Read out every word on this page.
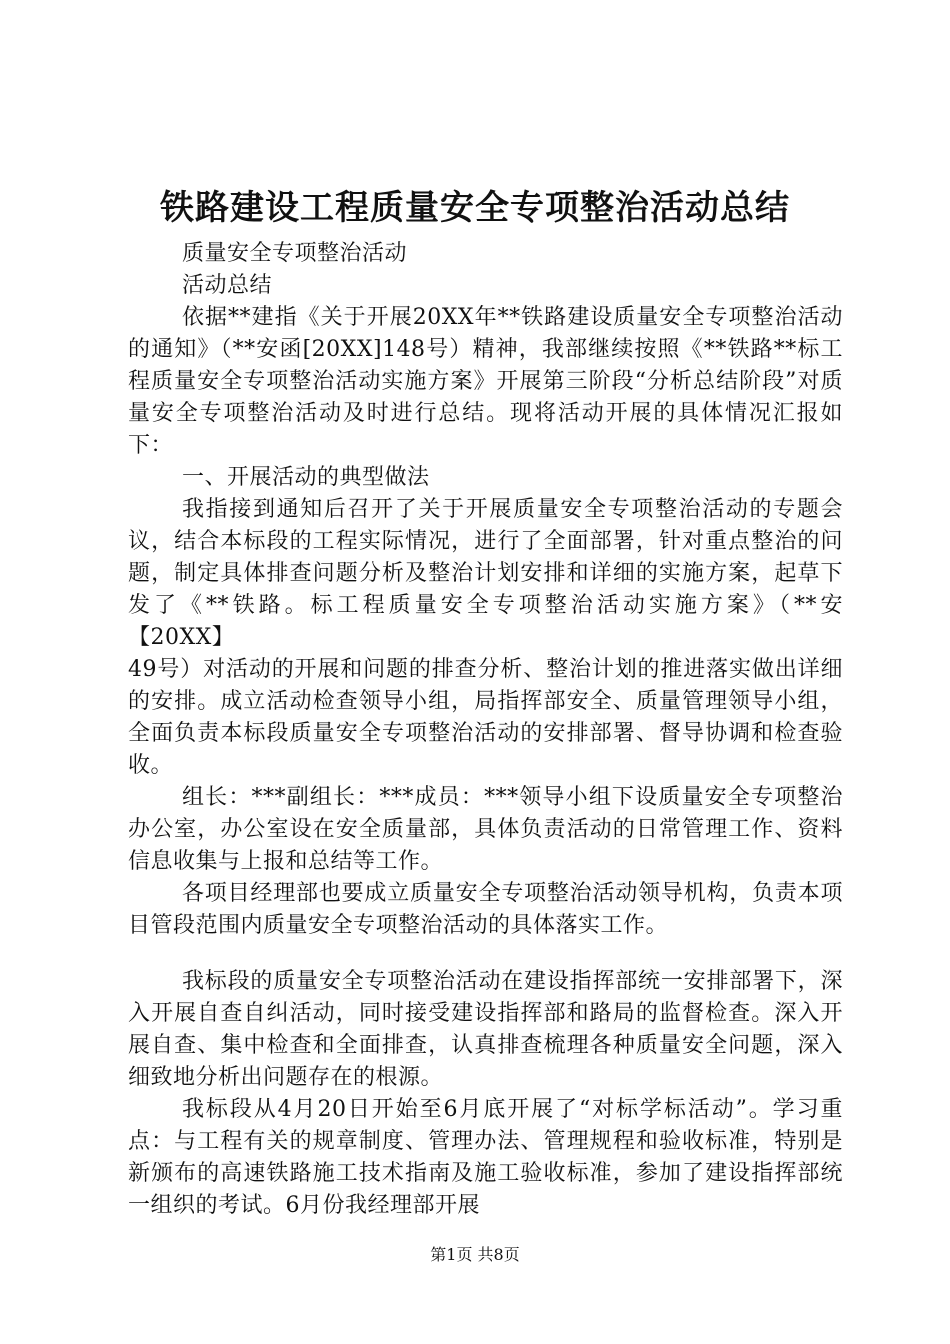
铁路建设工程质量安全专项整治活动总结

质量安全专项整治活动

活动总结

依据**建指《关于开展20XX年**铁路建设质量安全专项整治活动的通知》（**安函[20XX]148号）精神，我部继续按照《**铁路**标工程质量安全专项整治活动实施方案》开展第三阶段“分析总结阶段”对质量安全专项整治活动及时进行总结。现将活动开展的具体情况汇报如下：

一、开展活动的典型做法

我指接到通知后召开了关于开展质量安全专项整治活动的专题会议，结合本标段的工程实际情况，进行了全面部署，针对重点整治的问题，制定具体排查问题分析及整治计划安排和详细的实施方案，起草下发了《**铁路。标工程质量安全专项整治活动实施方案》（**安【20XX】

49号）对活动的开展和问题的排查分析、整治计划的推进落实做出详细的安排。成立活动检查领导小组，局指挥部安全、质量管理领导小组，全面负责本标段质量安全专项整治活动的安排部署、督导协调和检查验收。

组长：***副组长：***成员：***领导小组下设质量安全专项整治办公室，办公室设在安全质量部，具体负责活动的日常管理工作、资料信息收集与上报和总结等工作。

各项目经理部也要成立质量安全专项整治活动领导机构，负责本项目管段范围内质量安全专项整治活动的具体落实工作。

我标段的质量安全专项整治活动在建设指挥部统一安排部署下，深入开展自查自纠活动，同时接受建设指挥部和路局的监督检查。深入开展自查、集中检查和全面排查，认真排查梳理各种质量安全问题，深入细致地分析出问题存在的根源。

我标段从4月20日开始至6月底开展了“对标学标活动”。学习重点：与工程有关的规章制度、管理办法、管理规程和验收标准，特别是新颁布的高速铁路施工技术指南及施工验收标准，参加了建设指挥部统一组织的考试。6月份我经理部开展

第1页 共8页
